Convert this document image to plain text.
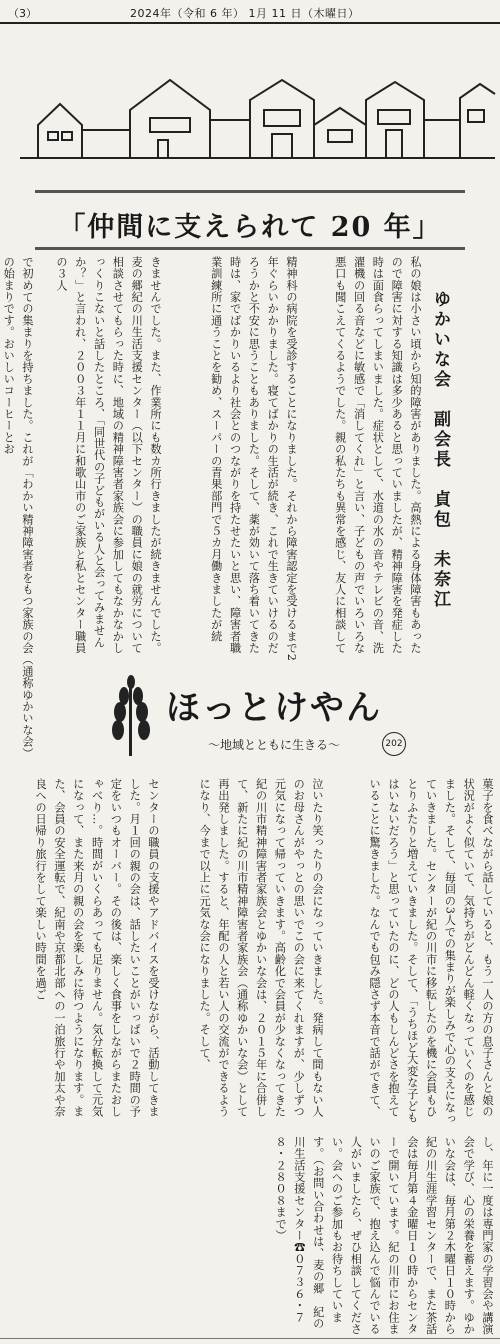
（3）	2024年（令和 6 年） 1月 11 日（木曜日）
「仲間に支えられて 20 年」
ゆかいな会　副会長　貞包　未奈江
私の娘は小さい頃から知的障害がありました。高熱による身体障害もあったので障害に対する知識は多少あると思っていましたが、精神障害を発症した時は面食らってしまいました。症状として、水道の水の音やテレビの音、洗濯機の回る音などに敏感で「消してくれ」と言い、子どもの声でいろいろな悪口も聞こえてくるようでした。親の私たちも異常を感じ、友人に相談して
精神科の病院を受診することになりました。それから障害認定を受けるまで2年ぐらいかかりました。寝てばかりの生活が続き、これで生きていけるのだろうかと不安に思うこともありました。そして、薬が効いて落ち着いてきた時は、家でばかりいるより社会とのつながりを持たせたいと思い、障害者職業訓練所に通うことを勧め、スーパーの青果部門で５カ月働きましたが続
きませんでした。また、作業所にも数カ所行きましたが続きませんでした。麦の郷紀の川生活支援センター（以下センター）の職員に娘の就労について相談させてもらった時に、地域の精神障害者家族会に参加してもなかなかしっくりこないと話したところ、「同世代の子どもがいる人と会ってみませんか？」と言われ、２００３年１１月に和歌山市のご家族と私とセンター職員の３人
で初めての集まりを持ちました。これが「わかい精神障害者をもつ家族の会（通称ゆかいな会）の始まりです。おいしいコーヒーとお
ほっとけやん
〜地域とともに生きる〜	202
菓子を食べながら話していると、もう一人の方の息子さんと娘の状況がよく似ていて、気持ちがどんどん軽くなっていくのを感じました。そして、毎回の3人での集まりが楽しみで心の支えになっていきました。センターが紀の川市に移転したのを機に会員もひとりふたりと増えていきました。そして、「うちほど大変な子どもはいないだろう」と思っていたのに、どの人もしんどさを抱えていることに驚きました。なんでも包み隠さず本音で話ができて、
泣いたり笑ったりの会になっていきました。発病して間もない人のお母さんがやっとの思いでこの会に来てくれますが、少しずつ元気になって帰っていきます。高齢化で会員が少なくなってきた紀の川市精神障害者家族会とゆかいな会は、２０１５年に合併して、新たに紀の川市精神障害者家族会（通称ゆかいな会）として再出発しました。すると、年配の人と若い人の交流ができるようになり、今まで以上に元気な会になりました。そして、
センターの職員の支援やアドバイスを受けながら、活動してきました。月１回の親の会は、話したいことがいっぱいで２時間の予定をいつもオーバー。その後は、楽しく食事をしながらまたおしゃべり…。時間がいくらあっても足りません。気分転換して元気になって、また来月の親の会を楽しみに待つようになります。また、会員の安全運転で、紀南や京都北部への一泊旅行や加太や奈良への日帰り旅行をして楽しい時間を過ご
し、年に一度は専門家の学習会や講演会で学び、心の栄養を蓄えます。ゆかいな会は、毎月第２木曜日１０時から紀の川生涯学習センターで、また茶話会は毎月第４金曜日１０時からセンターで開いています。紀の川市にお住まいのご家族で、抱え込んで悩んでいる人がいましたら、ぜひ相談してください。会へのご参加もお待ちしています。（お問い合わせは、麦の郷　紀の川生活支援センター☎０７３６・７８・２８０８まで）
